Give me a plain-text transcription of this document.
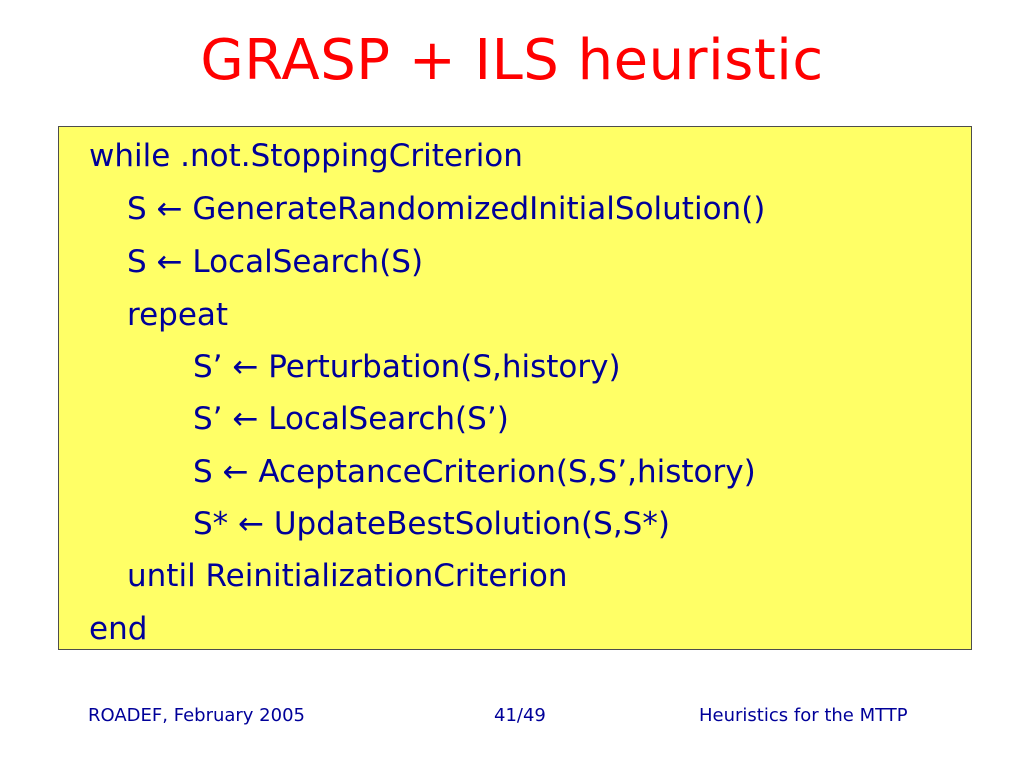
GRASP + ILS heuristic
while .not.StoppingCriterion
S ← GenerateRandomizedInitialSolution()
S ← LocalSearch(S)
repeat
S’ ← Perturbation(S,history)
S’ ← LocalSearch(S’)
S ← AceptanceCriterion(S,S’,history)
S* ← UpdateBestSolution(S,S*)
until ReinitializationCriterion
end
ROADEF, February 2005	41/49	Heuristics for the MTTP
